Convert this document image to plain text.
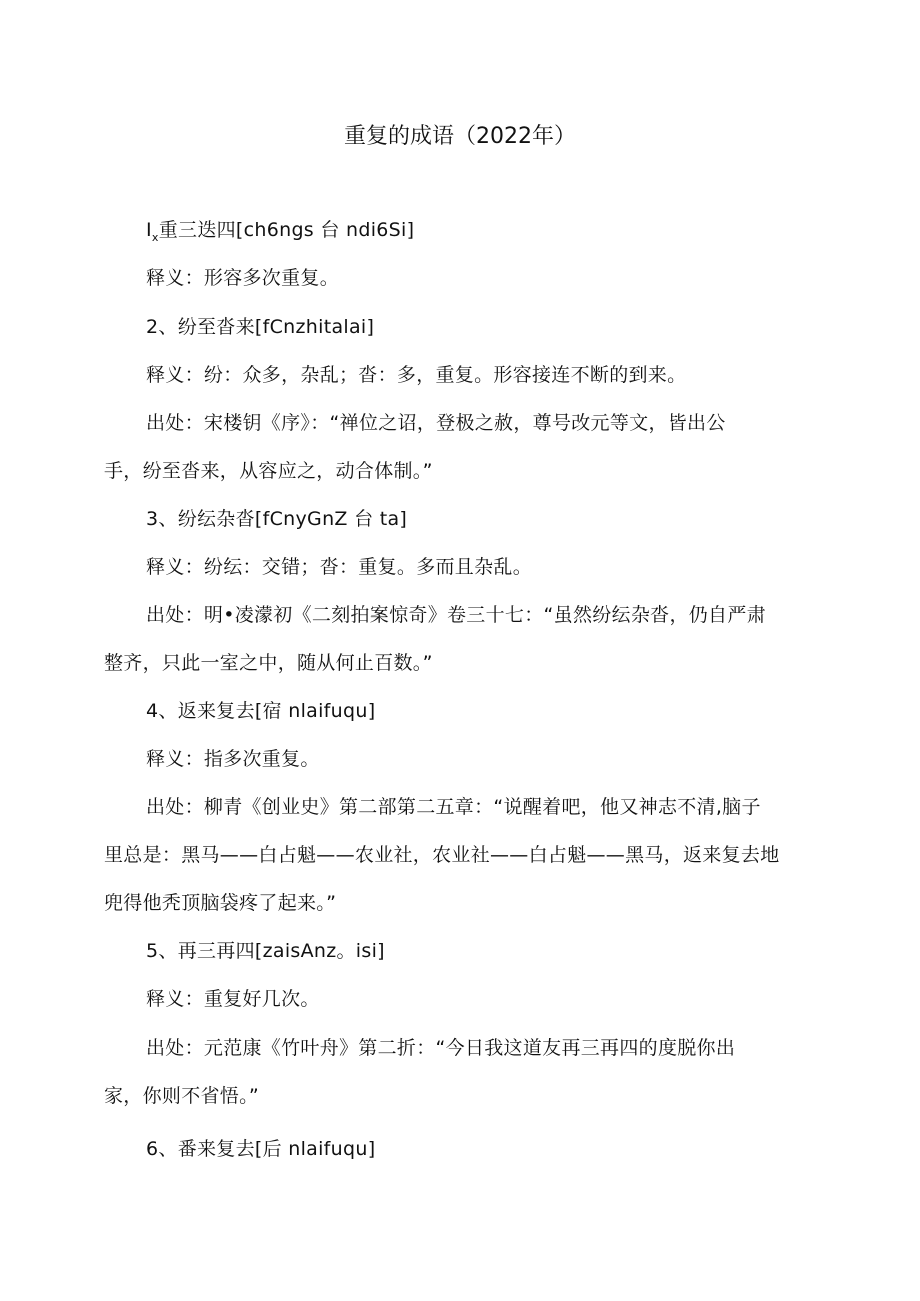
重复的成语（2022年）
$I_x$重三迭四[ch6ngs 台 ndi6Si]
释义：形容多次重复。
2、纷至沓来[fCnzhitalai]
释义：纷：众多，杂乱；沓：多，重复。形容接连不断的到来。
出处：宋楼钥《序》：“禅位之诏，登极之赦，尊号改元等文，皆出公
手，纷至沓来，从容应之，动合体制。”
3、纷纭杂沓[fCnyGnZ 台 ta]
释义：纷纭：交错；沓：重复。多而且杂乱。
出处：明•凌濛初《二刻拍案惊奇》卷三十七：“虽然纷纭杂沓，仍自严肃
整齐，只此一室之中，随从何止百数。”
4、返来复去[宿 nlaifuqu]
释义：指多次重复。
出处：柳青《创业史》第二部第二五章：“说醒着吧，他又神志不清,脑子
里总是：黑马——白占魁——农业社，农业社——白占魁——黑马，返来复去地
兜得他秃顶脑袋疼了起来。”
5、再三再四[zaisAnz。isi]
释义：重复好几次。
出处：元范康《竹叶舟》第二折：“今日我这道友再三再四的度脱你出
家，你则不省悟。”
6、番来复去[后 nlaifuqu]
